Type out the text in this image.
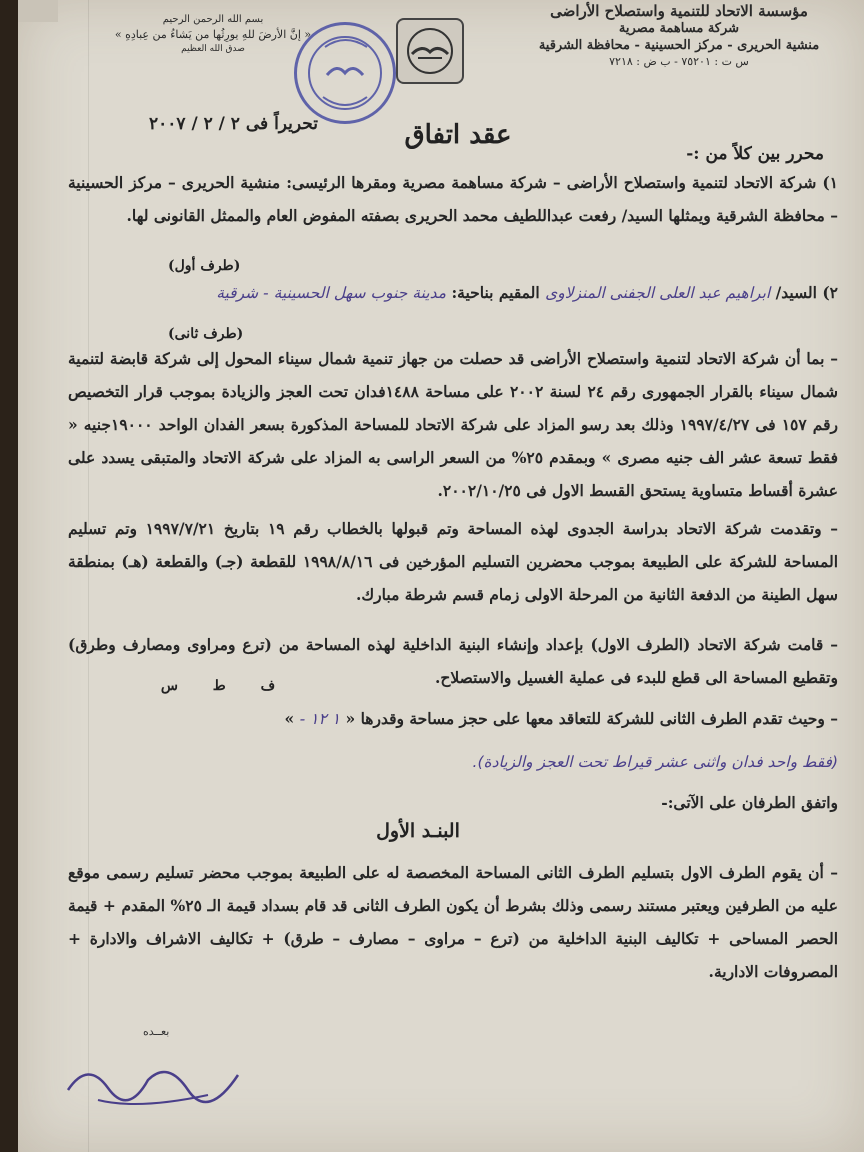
مؤسسة الاتحاد للتنمية واستصلاح الأراضى
شركة مساهمة مصرية
منشية الحريرى - مركز الحسينية - محافظة الشرقية
س ت : ٧٥٢٠١ - ب ض : ٧٢١٨
بسم الله الرحمن الرحيم
« إنَّ الأرضَ للهِ يورِثُها من يَشاءُ من عِبادِهِ »
صدق الله العظيم
تحريراً فى ٢ / ٢ / ٢٠٠٧	عقد اتفاق
محرر بين كلاً من :-
١) شركة الاتحاد لتنمية واستصلاح الأراضى – شركة مساهمة مصرية ومقرها الرئيسى: منشية الحريرى – مركز الحسينية – محافظة الشرقية ويمثلها السيد/ رفعت عبداللطيف محمد الحريرى بصفته المفوض العام والممثل القانونى لها.
(طرف أول)
٢) السيد/ ابراهيم عبد العلى الجفنى المنزلاوى المقيم بناحية: مدينة جنوب سهل الحسينية - شرقية
(طرف ثانى)
– بما أن شركة الاتحاد لتنمية واستصلاح الأراضى قد حصلت من جهاز تنمية شمال سيناء المحول إلى شركة قابضة لتنمية شمال سيناء بالقرار الجمهورى رقم ٢٤ لسنة ٢٠٠٢ على مساحة ١٤٨٨فدان تحت العجز والزيادة بموجب قرار التخصيص رقم ١٥٧ فى ١٩٩٧/٤/٢٧ وذلك بعد رسو المزاد على شركة الاتحاد للمساحة المذكورة بسعر الفدان الواحد ١٩٠٠٠جنيه « فقط تسعة عشر الف جنيه مصرى » وبمقدم ٢٥% من السعر الراسى به المزاد على شركة الاتحاد والمتبقى يسدد على عشرة أقساط متساوية يستحق القسط الاول فى ٢٠٠٢/١٠/٢٥.
– وتقدمت شركة الاتحاد بدراسة الجدوى لهذه المساحة وتم قبولها بالخطاب رقم ١٩ بتاريخ ١٩٩٧/٧/٢١ وتم تسليم المساحة للشركة على الطبيعة بموجب محضرين التسليم المؤرخين فى ١٩٩٨/٨/١٦ للقطعة (جـ) والقطعة (هـ) بمنطقة سهل الطينة من الدفعة الثانية من المرحلة الاولى زمام قسم شرطة مبارك.
– قامت شركة الاتحاد (الطرف الاول) بإعداد وإنشاء البنية الداخلية لهذه المساحة من (ترع ومراوى ومصارف وطرق) وتقطيع المساحة الى قطع للبدء فى عملية الغسيل والاستصلاح.
ف ط س
– وحيث تقدم الطرف الثانى للشركة للتعاقد معها على حجز مساحة وقدرها « ١ ١٢ - »
(فقط واحد فدان واثنى عشر قيراط تحت العجز والزيادة).
واتفق الطرفان على الآتى:-
البنـد الأول
– أن يقوم الطرف الاول بتسليم الطرف الثانى المساحة المخصصة له على الطبيعة بموجب محضر تسليم رسمى موقع عليه من الطرفين ويعتبر مستند رسمى وذلك بشرط أن يكون الطرف الثانى قد قام بسداد قيمة الـ ٢٥% المقدم + قيمة الحصر المساحى + تكاليف البنية الداخلية من (ترع – مراوى – مصارف – طرق) + تكاليف الاشراف والادارة + المصروفات الادارية.
بعــده
